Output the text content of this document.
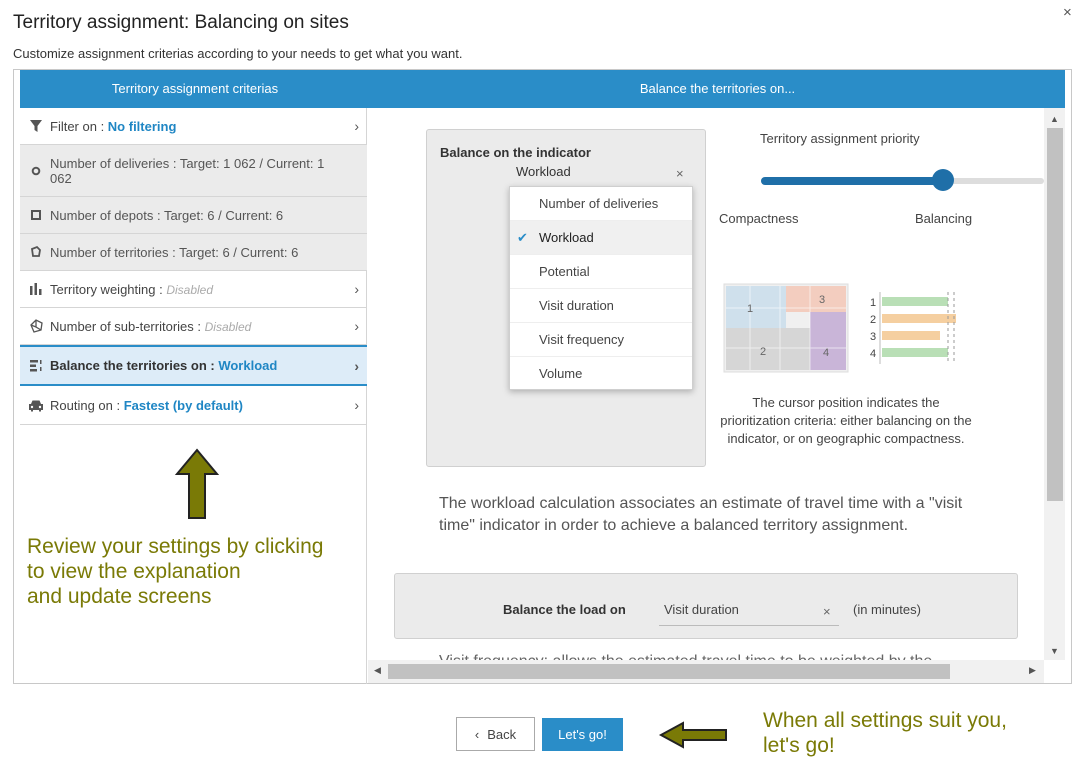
Territory assignment: Balancing on sites	×
Customize assignment criterias according to your needs to get what you want.
Territory assignment criterias	Balance the territories on...
Filter on : No filtering	›
Number of deliveries : Target: 1 062 / Current: 1 062
Number of depots : Target: 6 / Current: 6
Number of territories : Target: 6 / Current: 6
Territory weighting : Disabled	›
Number of sub-territories : Disabled	›
Balance the territories on : Workload	›
Routing on : Fastest (by default)	›
Review your settings by clicking
to view the explanation
and update screens
Balance on the indicator
Workload	×
Number of deliveries
✔ Workload
Potential
Visit duration
Visit frequency
Volume
Territory assignment priority
Compactness	Balancing
1
2
3
4
1
2
3
4
The cursor position indicates the prioritization criteria: either balancing on the indicator, or on geographic compactness.
The workload calculation associates an estimate of travel time with a "visit time" indicator in order to achieve a balanced territory assignment.
Balance the load on	Visit duration	× (in minutes)
▲
▼
◀	▶
‹ Back	Let's go!
When all settings suit you,
let's go!
